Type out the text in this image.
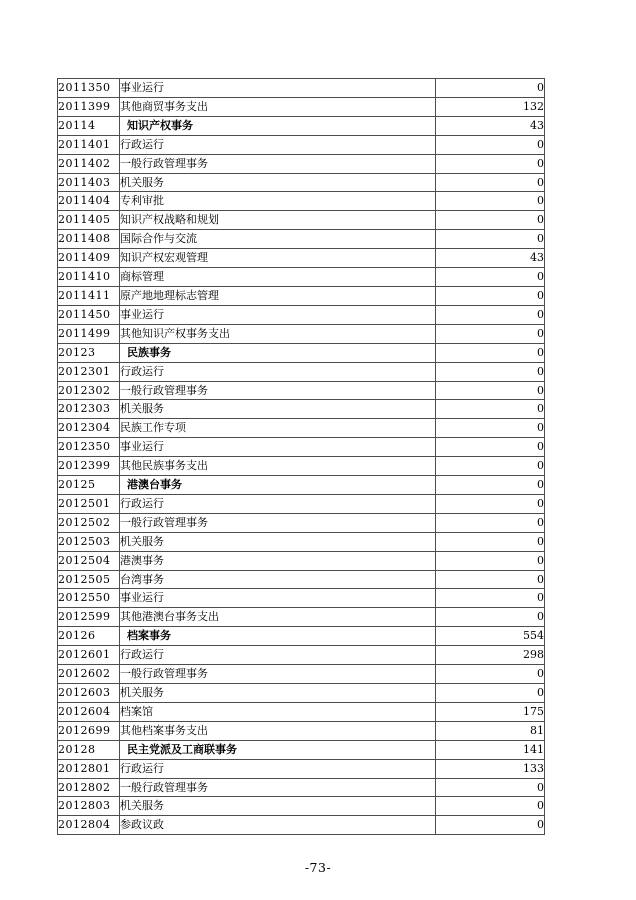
2011350	事业运行	0
2011399	其他商贸事务支出	132
20114	知识产权事务	43
2011401	行政运行	0
2011402	一般行政管理事务	0
2011403	机关服务	0
2011404	专利审批	0
2011405	知识产权战略和规划	0
2011408	国际合作与交流	0
2011409	知识产权宏观管理	43
2011410	商标管理	0
2011411	原产地地理标志管理	0
2011450	事业运行	0
2011499	其他知识产权事务支出	0
20123	民族事务	0
2012301	行政运行	0
2012302	一般行政管理事务	0
2012303	机关服务	0
2012304	民族工作专项	0
2012350	事业运行	0
2012399	其他民族事务支出	0
20125	港澳台事务	0
2012501	行政运行	0
2012502	一般行政管理事务	0
2012503	机关服务	0
2012504	港澳事务	0
2012505	台湾事务	0
2012550	事业运行	0
2012599	其他港澳台事务支出	0
20126	档案事务	554
2012601	行政运行	298
2012602	一般行政管理事务	0
2012603	机关服务	0
2012604	档案馆	175
2012699	其他档案事务支出	81
20128	民主党派及工商联事务	141
2012801	行政运行	133
2012802	一般行政管理事务	0
2012803	机关服务	0
2012804	参政议政	0
-73-
